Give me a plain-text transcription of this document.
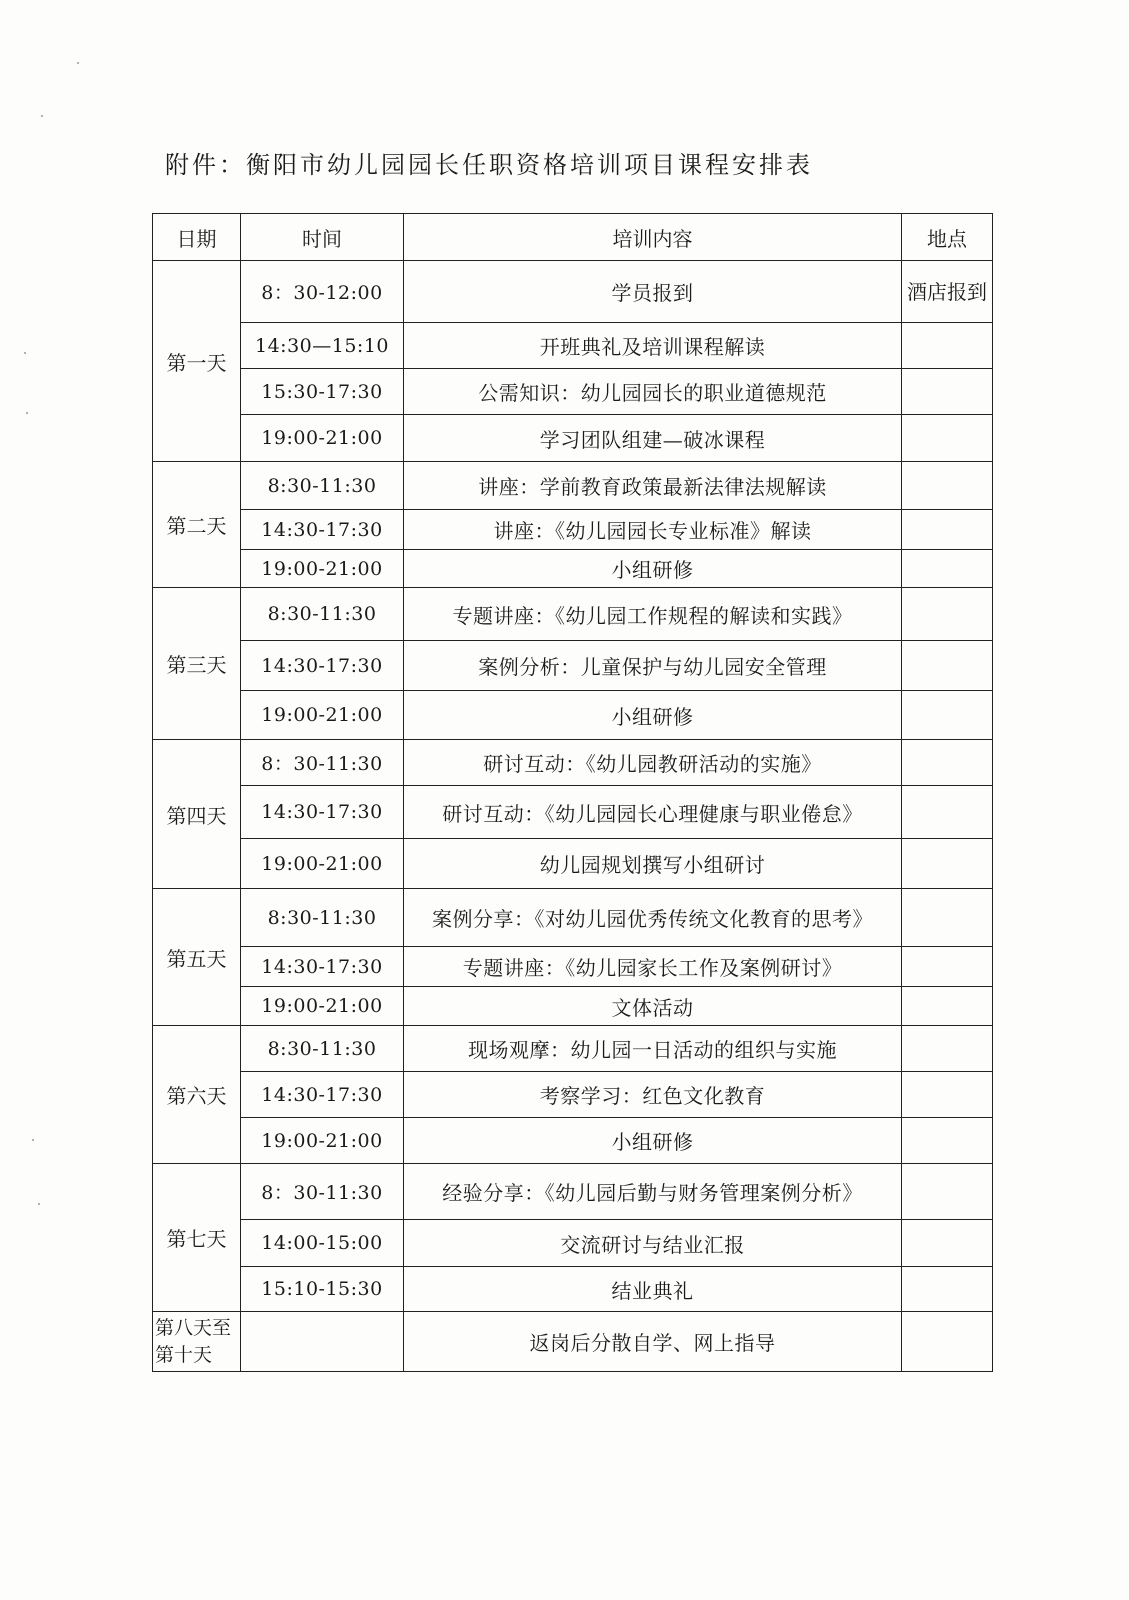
附件：衡阳市幼儿园园长任职资格培训项目课程安排表
日期	时间	培训内容	地点
第一天	8：30-12:00	学员报到	酒店报到
	14:30—15:10	开班典礼及培训课程解读	
	15:30-17:30	公需知识：幼儿园园长的职业道德规范	
	19:00-21:00	学习团队组建—破冰课程	
第二天	8:30-11:30	讲座：学前教育政策最新法律法规解读	
	14:30-17:30	讲座：《幼儿园园长专业标准》解读	
	19:00-21:00	小组研修	
第三天	8:30-11:30	专题讲座：《幼儿园工作规程的解读和实践》	
	14:30-17:30	案例分析：儿童保护与幼儿园安全管理	
	19:00-21:00	小组研修	
第四天	8：30-11:30	研讨互动：《幼儿园教研活动的实施》	
	14:30-17:30	研讨互动：《幼儿园园长心理健康与职业倦怠》	
	19:00-21:00	幼儿园规划撰写小组研讨	
第五天	8:30-11:30	案例分享：《对幼儿园优秀传统文化教育的思考》	
	14:30-17:30	专题讲座：《幼儿园家长工作及案例研讨》	
	19:00-21:00	文体活动	
第六天	8:30-11:30	现场观摩：幼儿园一日活动的组织与实施	
	14:30-17:30	考察学习：红色文化教育	
	19:00-21:00	小组研修	
第七天	8：30-11:30	经验分享：《幼儿园后勤与财务管理案例分析》	
	14:00-15:00	交流研讨与结业汇报	
	15:10-15:30	结业典礼	
第八天至第十天		返岗后分散自学、网上指导	
